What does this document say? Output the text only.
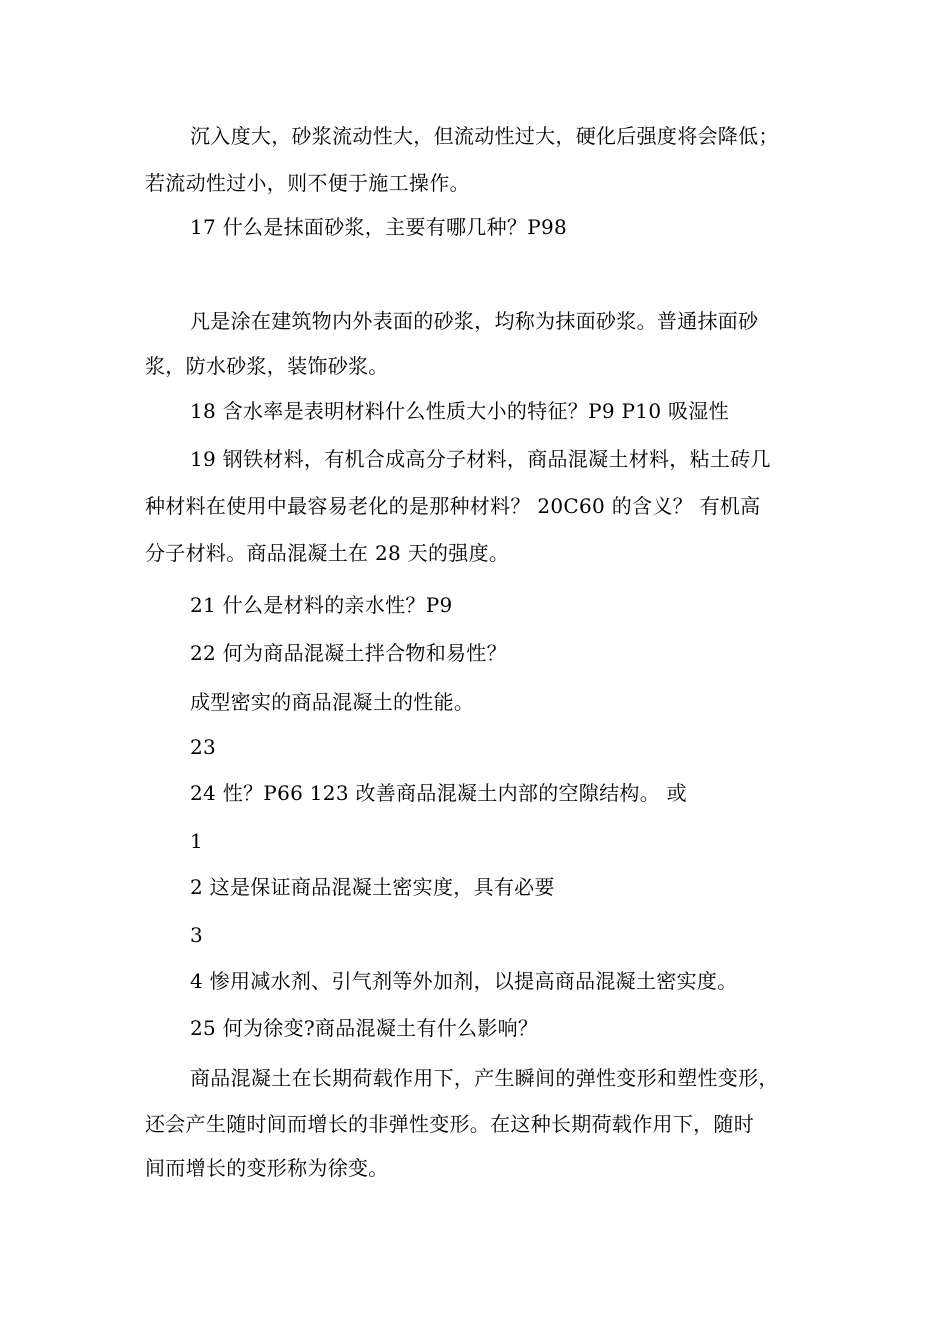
沉入度大，砂浆流动性大，但流动性过大，硬化后强度将会降低；
若流动性过小，则不便于施工操作。
17 什么是抹面砂浆，主要有哪几种？P98
凡是涂在建筑物内外表面的砂浆，均称为抹面砂浆。普通抹面砂
浆，防水砂浆，装饰砂浆。
18 含水率是表明材料什么性质大小的特征？P9 P10 吸湿性
19 钢铁材料，有机合成高分子材料，商品混凝土材料，粘土砖几
种材料在使用中最容易老化的是那种材料？ 20C60 的含义？ 有机高
分子材料。商品混凝土在 28 天的强度。
21 什么是材料的亲水性？P9
22 何为商品混凝土拌合物和易性？
成型密实的商品混凝土的性能。
23
24 性？P66 123 改善商品混凝土内部的空隙结构。 或
1
2 这是保证商品混凝土密实度，具有必要
3
4 惨用减水剂、引气剂等外加剂，以提高商品混凝土密实度。
25 何为徐变?商品混凝土有什么影响？
商品混凝土在长期荷载作用下，产生瞬间的弹性变形和塑性变形，
还会产生随时间而增长的非弹性变形。在这种长期荷载作用下，随时
间而增长的变形称为徐变。
